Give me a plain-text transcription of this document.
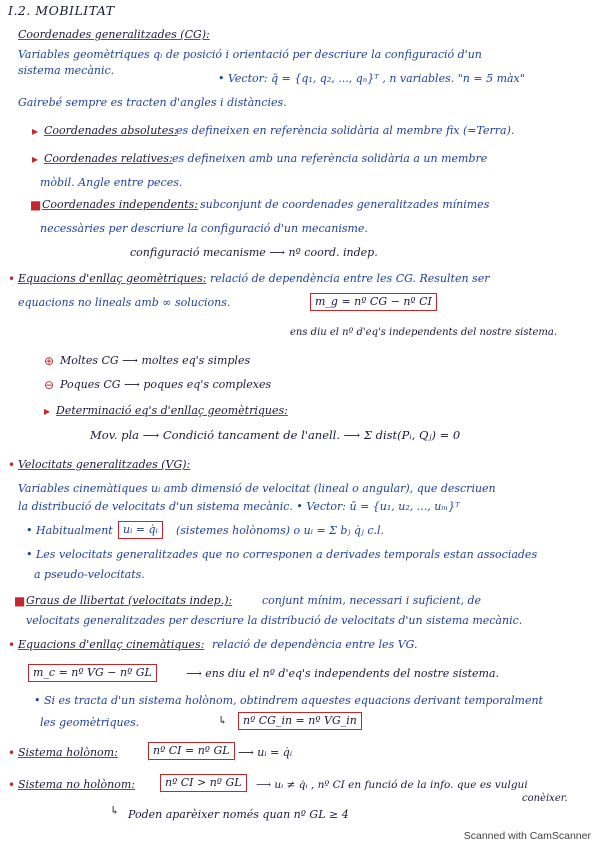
I.2. MOBILITAT
Coordenades generalitzades (CG):
Variables geomètriques qᵢ de posició i orientació per descriure la configuració d'un
sistema mecànic.
• Vector: q̄ = {q₁, q₂, ..., qₙ}ᵀ , n variables. "n = 5 màx"
Gairebé sempre es tracten d'angles i distàncies.
▸ Coordenades absolutes:
es defineixen en referència solidària al membre fix (=Terra).
▸ Coordenades relatives: es defineixen amb una referència solidària a un membre
mòbil. Angle entre peces.
■ Coordenades independents: subconjunt de coordenades generalitzades mínimes
necessàries per descriure la configuració d'un mecanisme.
configuració mecanisme ⟶ nº coord. indep.
• Equacions d'enllaç geomètriques: relació de dependència entre les CG. Resulten ser
equacions no lineals amb ∞ solucions.	m_g = nº CG − nº CI
ens diu el nº d'eq's independents del nostre sistema.
⊕ Moltes CG ⟶ moltes eq's simples
⊖ Poques CG ⟶ poques eq's complexes
▸ Determinació eq's d'enllaç geomètriques:
Mov. pla ⟶ Condició tancament de l'anell. ⟶ Σ dist(Pᵢ, Qⱼ) = 0
• Velocitats generalitzades (VG):
Variables cinemàtiques uᵢ amb dimensió de velocitat (lineal o angular), que descriuen
la distribució de velocitats d'un sistema mecànic. • Vector: ū = {u₁, u₂, ..., uₘ}ᵀ
• Habitualment uᵢ = q̇ᵢ	(sistemes holònoms) o uᵢ = Σ bⱼ q̇ⱼ c.l.
• Les velocitats generalitzades que no corresponen a derivades temporals estan associades
a pseudo-velocitats.
■ Graus de llibertat (velocitats indep.):	conjunt mínim, necessari i suficient, de
velocitats generalitzades per descriure la distribució de velocitats d'un sistema mecànic.
• Equacions d'enllaç cinemàtiques: relació de dependència entre les VG.
m_c = nº VG − nº GL	⟶ ens diu el nº d'eq's independents del nostre sistema.
• Si es tracta d'un sistema holònom, obtindrem aquestes equacions derivant temporalment
les geomètriques.	↳	nº CG_in = nº VG_in
• Sistema holònom:	nº CI = nº GL ⟶ uᵢ = q̇ᵢ
• Sistema no holònom:	nº CI > nº GL	⟶ uᵢ ≠ q̇ᵢ , nº CI en funció de la info. que es vulgui
conèixer.
↳ Poden aparèixer només quan nº GL ≥ 4
Scanned with CamScanner
